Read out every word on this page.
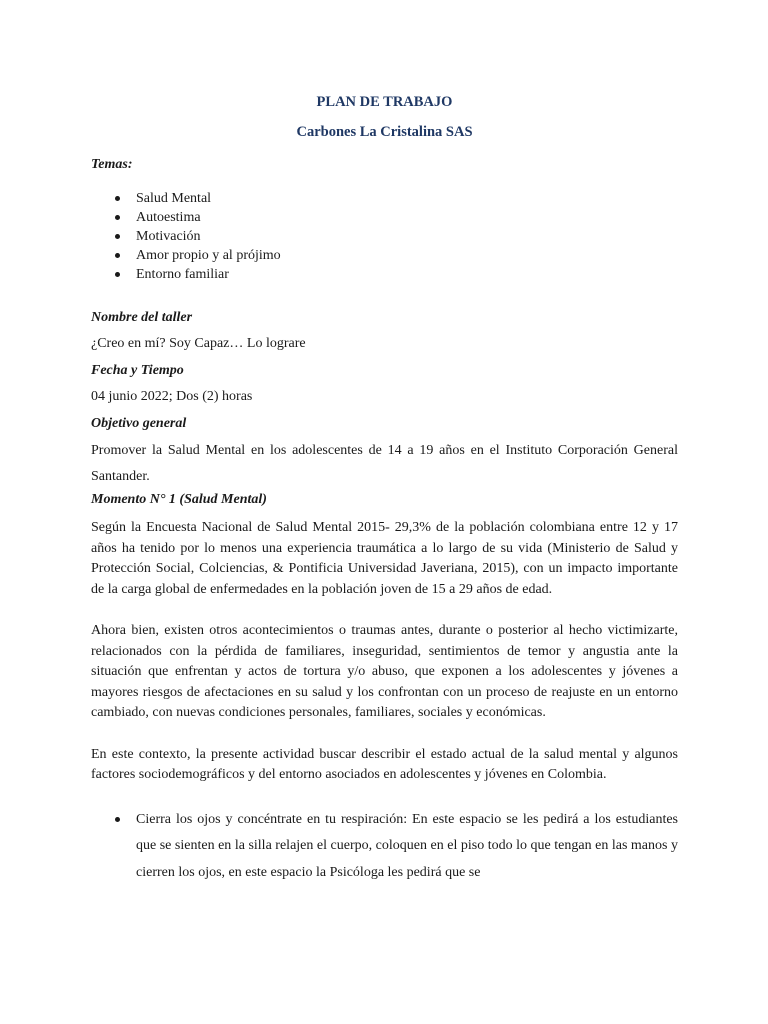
PLAN DE TRABAJO

Carbones La Cristalina SAS

Temas:

Salud Mental
Autoestima
Motivación
Amor propio y al prójimo
Entorno familiar

Nombre del taller

¿Creo en mí? Soy Capaz… Lo lograre

Fecha y Tiempo

04 junio 2022; Dos (2) horas

Objetivo general

Promover la Salud Mental en los adolescentes de 14 a 19 años en el Instituto Corporación General Santander.

Momento N° 1 (Salud Mental)

Según la Encuesta Nacional de Salud Mental 2015- 29,3% de la población colombiana entre 12 y 17 años ha tenido por lo menos una experiencia traumática a lo largo de su vida (Ministerio de Salud y Protección Social, Colciencias, & Pontificia Universidad Javeriana, 2015), con un impacto importante de la carga global de enfermedades en la población joven de 15 a 29 años de edad.

Ahora bien, existen otros acontecimientos o traumas antes, durante o posterior al hecho victimizarte, relacionados con la pérdida de familiares, inseguridad, sentimientos de temor y angustia ante la situación que enfrentan y actos de tortura y/o abuso, que exponen a los adolescentes y jóvenes a mayores riesgos de afectaciones en su salud y los confrontan con un proceso de reajuste en un entorno cambiado, con nuevas condiciones personales, familiares, sociales y económicas.

En este contexto, la presente actividad buscar describir el estado actual de la salud mental y algunos factores sociodemográficos y del entorno asociados en adolescentes y jóvenes en Colombia.

Cierra los ojos y concéntrate en tu respiración: En este espacio se les pedirá a los estudiantes que se sienten en la silla relajen el cuerpo, coloquen en el piso todo lo que tengan en las manos y cierren los ojos, en este espacio la Psicóloga les pedirá que se
